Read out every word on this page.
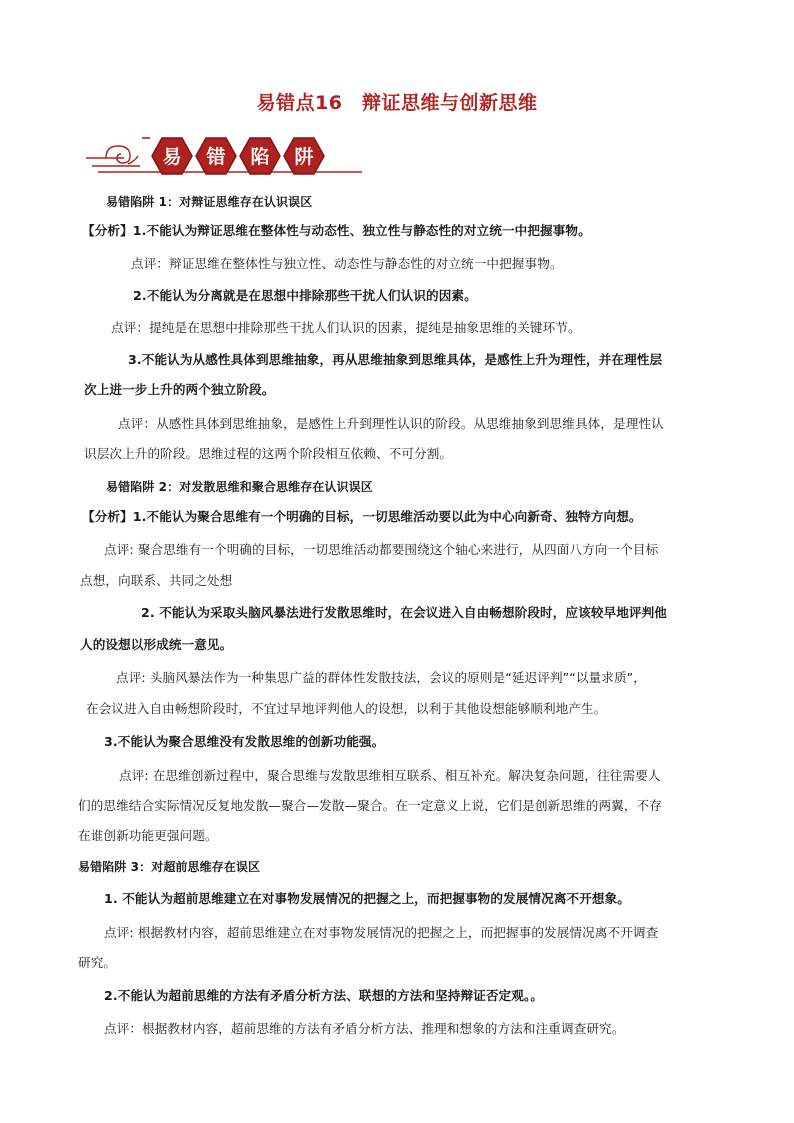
易错点16　辩证思维与创新思维
易 错 陷 阱
易错陷阱 1：对辩证思维存在认识误区
【分析】1.不能认为辩证思维在整体性与动态性、独立性与静态性的对立统一中把握事物。
点评：辩证思维在整体性与独立性、动态性与静态性的对立统一中把握事物。
2.不能认为分离就是在思想中排除那些干扰人们认识的因素。
点评：提纯是在思想中排除那些干扰人们认识的因素，提纯是抽象思维的关键环节。
3.不能认为从感性具体到思维抽象，再从思维抽象到思维具体，是感性上升为理性，并在理性层
次上进一步上升的两个独立阶段。
点评：从感性具体到思维抽象，是感性上升到理性认识的阶段。从思维抽象到思维具体，是理性认
识层次上升的阶段。思维过程的这两个阶段相互依赖、不可分割。
易错陷阱 2：对发散思维和聚合思维存在认识误区
【分析】1.不能认为聚合思维有一个明确的目标，一切思维活动要以此为中心向新奇、独特方向想。
点评: 聚合思维有一个明确的目标，一切思维活动都要围绕这个轴心来进行，从四面八方向一个目标
点想，向联系、共同之处想
2. 不能认为采取头脑风暴法进行发散思维时，在会议进入自由畅想阶段时，应该较早地评判他
人的设想以形成统一意见。
点评: 头脑风暴法作为一种集思广益的群体性发散技法，会议的原则是“延迟评判”“以量求质”，
在会议进入自由畅想阶段时，不宜过早地评判他人的设想，以利于其他设想能够顺利地产生。
3.不能认为聚合思维没有发散思维的创新功能强。
点评: 在思维创新过程中，聚合思维与发散思维相互联系、相互补充。解决复杂问题，往往需要人
们的思维结合实际情况反复地发散—聚合—发散—聚合。在一定意义上说，它们是创新思维的两翼，不存
在谁创新功能更强问题。
易错陷阱 3：对超前思维存在误区
1. 不能认为超前思维建立在对事物发展情况的把握之上，而把握事物的发展情况离不开想象。
点评: 根据教材内容，超前思维建立在对事物发展情况的把握之上，而把握事的发展情况离不开调查
研究。
2.不能认为超前思维的方法有矛盾分析方法、联想的方法和坚持辩证否定观。。
点评：根据教材内容，超前思维的方法有矛盾分析方法、推理和想象的方法和注重调查研究。
